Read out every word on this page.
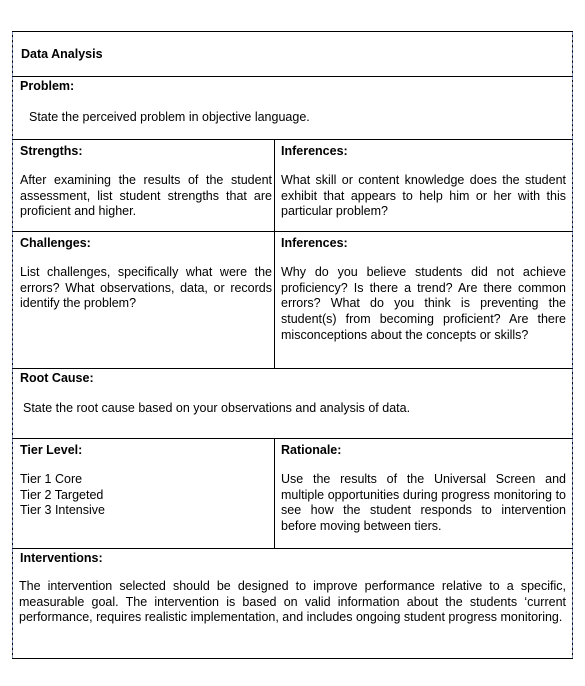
Data Analysis
Problem:
State the perceived problem in objective language.
Strengths:
After examining the results of the student assessment, list student strengths that are proficient and higher.
Inferences:
What skill or content knowledge does the student exhibit that appears to help him or her with this particular problem?
Challenges:
List challenges, specifically what were the errors? What observations, data, or records identify the problem?
Inferences:
Why do you believe students did not achieve proficiency? Is there a trend? Are there common errors? What do you think is preventing the student(s) from becoming proficient? Are there misconceptions about the concepts or skills?
Root Cause:
State the root cause based on your observations and analysis of data.
Tier Level:
Tier 1 Core
Tier 2 Targeted
Tier 3 Intensive
Rationale:
Use the results of the Universal Screen and multiple opportunities during progress monitoring to see how the student responds to intervention before moving between tiers.
Interventions:
The intervention selected should be designed to improve performance relative to a specific, measurable goal. The intervention is based on valid information about the students ‘current performance, requires realistic implementation, and includes ongoing student progress monitoring.
